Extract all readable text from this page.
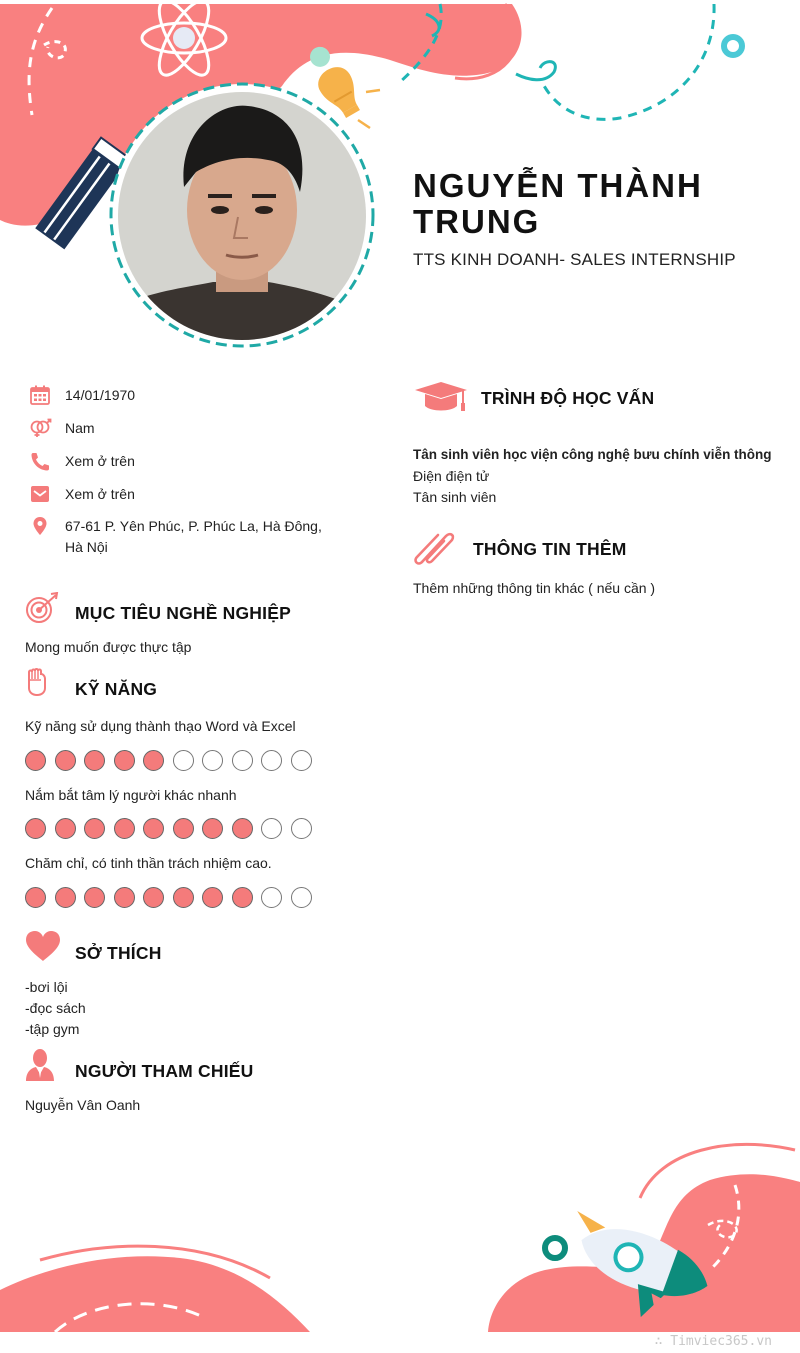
NGUYỄN THÀNH TRUNG
TTS KINH DOANH- SALES INTERNSHIP
14/01/1970
Nam
Xem ở trên
Xem ở trên
67-61 P. Yên Phúc, P. Phúc La, Hà Đông, Hà Nội
MỤC TIÊU NGHỀ NGHIỆP
Mong muốn được thực tập
KỸ NĂNG
Kỹ năng sử dụng thành thạo Word và Excel
Nắm bắt tâm lý người khác nhanh
Chăm chỉ, có tinh thần trách nhiệm cao.
SỞ THÍCH
-bơi lội
-đọc sách
-tập gym
NGƯỜI THAM CHIẾU
Nguyễn Vân Oanh
TRÌNH ĐỘ HỌC VẤN
Tân sinh viên học viện công nghệ bưu chính viễn thông
Điện điện tử
Tân sinh viên
THÔNG TIN THÊM
Thêm những thông tin khác ( nếu cần )
∴ Timviec365.vn
